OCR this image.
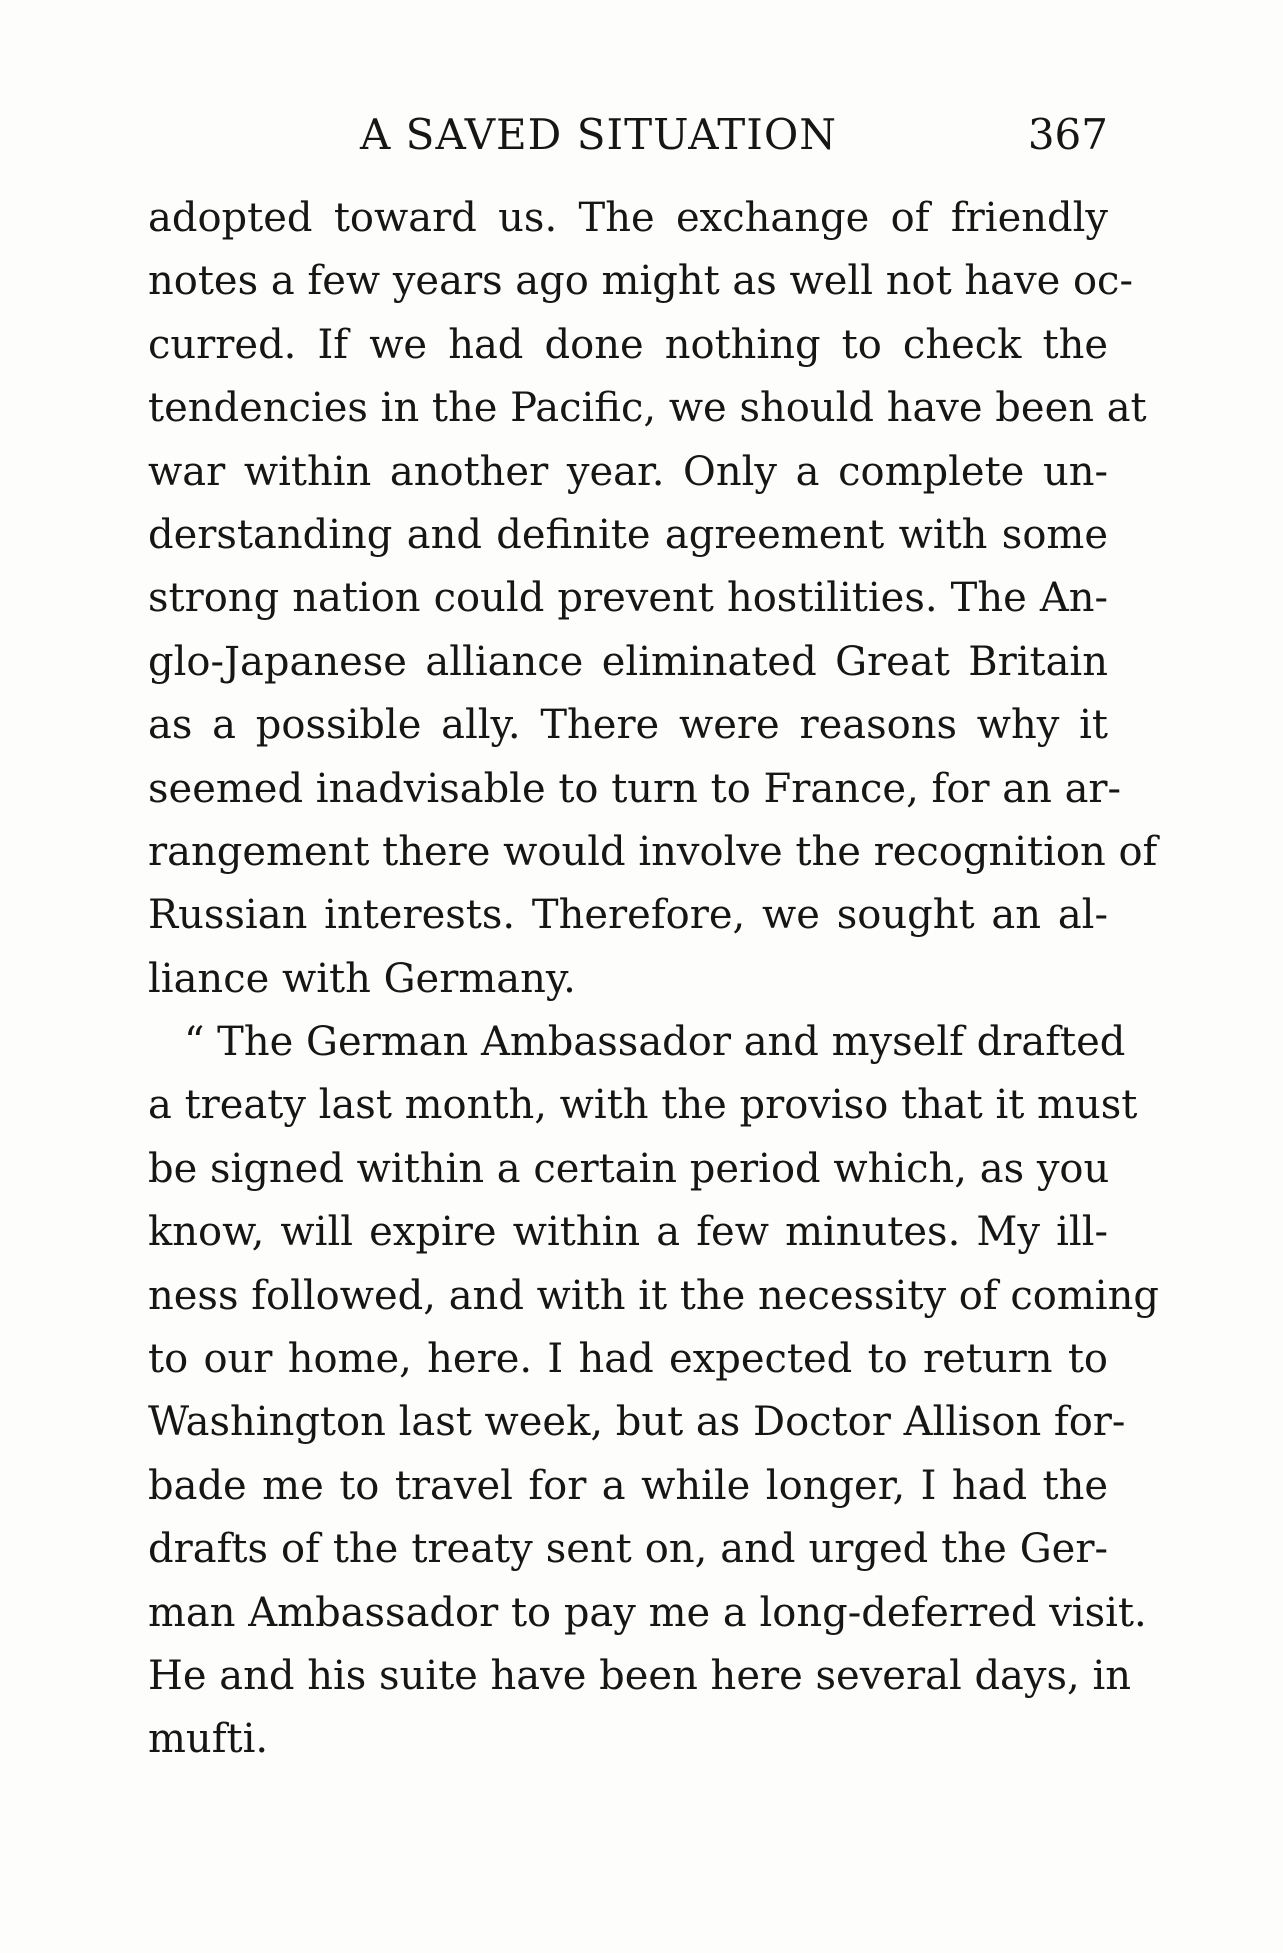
A SAVED SITUATION	367
adopted toward us. The exchange of friendly
notes a few years ago might as well not have oc-
curred. If we had done nothing to check the
tendencies in the Pacific, we should have been at
war within another year. Only a complete un-
derstanding and definite agreement with some
strong nation could prevent hostilities. The An-
glo-Japanese alliance eliminated Great Britain
as a possible ally. There were reasons why it
seemed inadvisable to turn to France, for an ar-
rangement there would involve the recognition of
Russian interests. Therefore, we sought an al-
liance with Germany.
“ The German Ambassador and myself drafted
a treaty last month, with the proviso that it must
be signed within a certain period which, as you
know, will expire within a few minutes. My ill-
ness followed, and with it the necessity of coming
to our home, here. I had expected to return to
Washington last week, but as Doctor Allison for-
bade me to travel for a while longer, I had the
drafts of the treaty sent on, and urged the Ger-
man Ambassador to pay me a long-deferred visit.
He and his suite have been here several days, in
mufti.
